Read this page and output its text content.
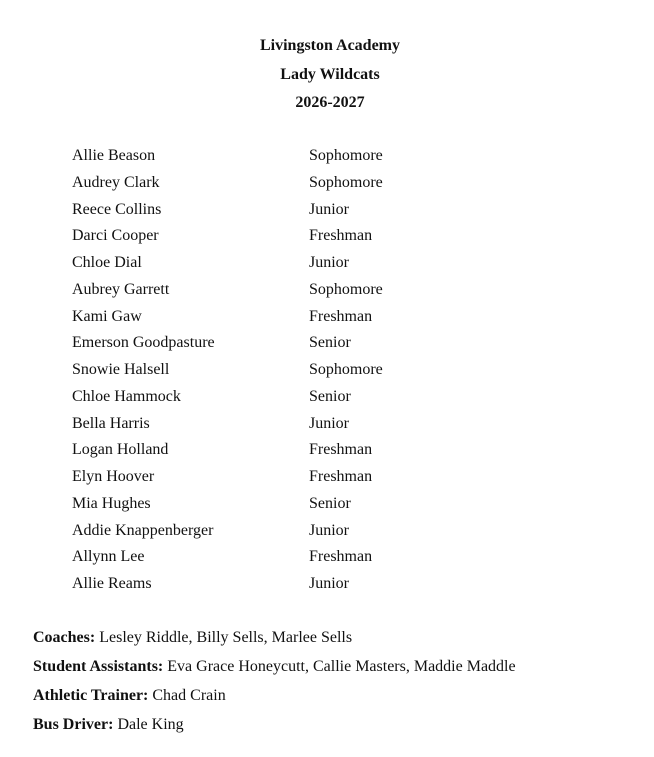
Livingston Academy
Lady Wildcats
2026-2027
Allie Beason	Sophomore
Audrey Clark	Sophomore
Reece Collins	Junior
Darci Cooper	Freshman
Chloe Dial	Junior
Aubrey Garrett	Sophomore
Kami Gaw	Freshman
Emerson Goodpasture	Senior
Snowie Halsell	Sophomore
Chloe Hammock	Senior
Bella Harris	Junior
Logan Holland	Freshman
Elyn Hoover	Freshman
Mia Hughes	Senior
Addie Knappenberger	Junior
Allynn Lee	Freshman
Allie Reams	Junior
Coaches: Lesley Riddle, Billy Sells, Marlee Sells
Student Assistants: Eva Grace Honeycutt, Callie Masters, Maddie Maddle
Athletic Trainer: Chad Crain
Bus Driver: Dale King
